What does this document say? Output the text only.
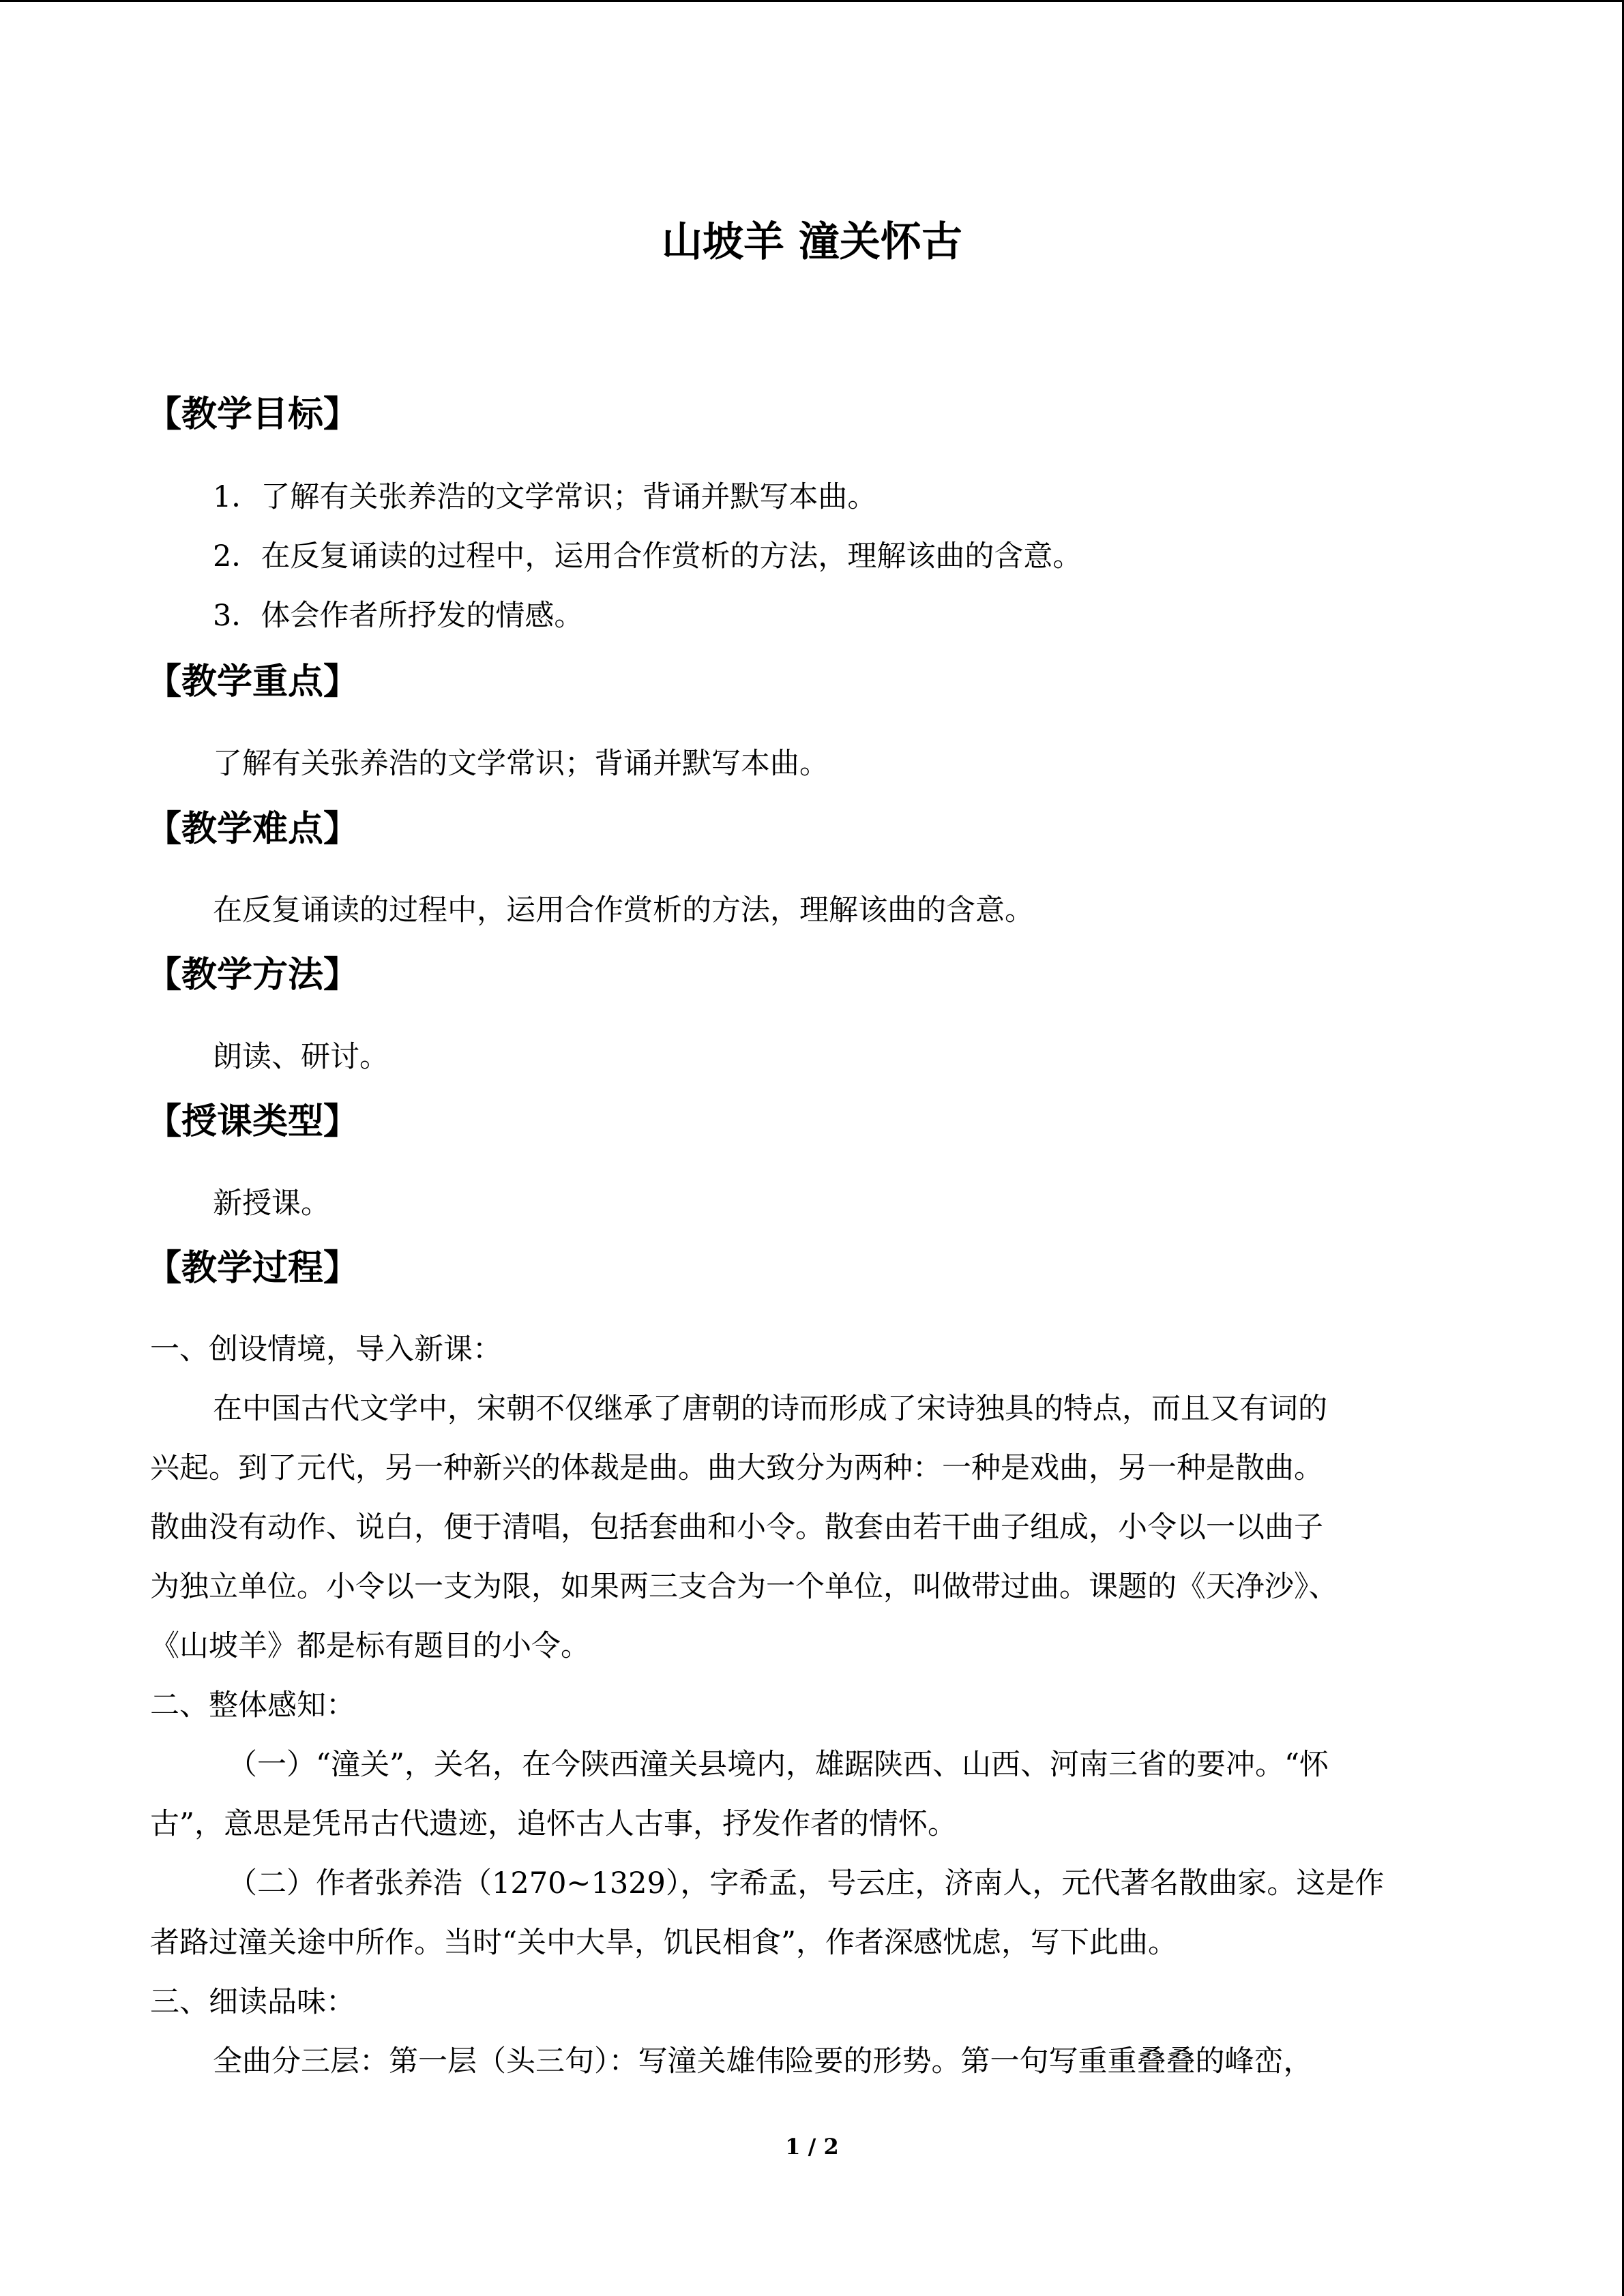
山坡羊 潼关怀古
【教学目标】
1．了解有关张养浩的文学常识；背诵并默写本曲。
2．在反复诵读的过程中，运用合作赏析的方法，理解该曲的含意。
3．体会作者所抒发的情感。
【教学重点】
了解有关张养浩的文学常识；背诵并默写本曲。
【教学难点】
在反复诵读的过程中，运用合作赏析的方法，理解该曲的含意。
【教学方法】
朗读、研讨。
【授课类型】
新授课。
【教学过程】
一、创设情境，导入新课：
在中国古代文学中，宋朝不仅继承了唐朝的诗而形成了宋诗独具的特点，而且又有词的
兴起。到了元代，另一种新兴的体裁是曲。曲大致分为两种：一种是戏曲，另一种是散曲。
散曲没有动作、说白，便于清唱，包括套曲和小令。散套由若干曲子组成，小令以一以曲子
为独立单位。小令以一支为限，如果两三支合为一个单位，叫做带过曲。课题的《天净沙》、
《山坡羊》都是标有题目的小令。
二、整体感知：
（一）“潼关”，关名，在今陕西潼关县境内，雄踞陕西、山西、河南三省的要冲。“怀
古”，意思是凭吊古代遗迹，追怀古人古事，抒发作者的情怀。
（二）作者张养浩（1270~1329），字希孟，号云庄，济南人，元代著名散曲家。这是作
者路过潼关途中所作。当时“关中大旱，饥民相食”，作者深感忧虑，写下此曲。
三、细读品味：
全曲分三层：第一层（头三句）：写潼关雄伟险要的形势。第一句写重重叠叠的峰峦，
1 / 2
